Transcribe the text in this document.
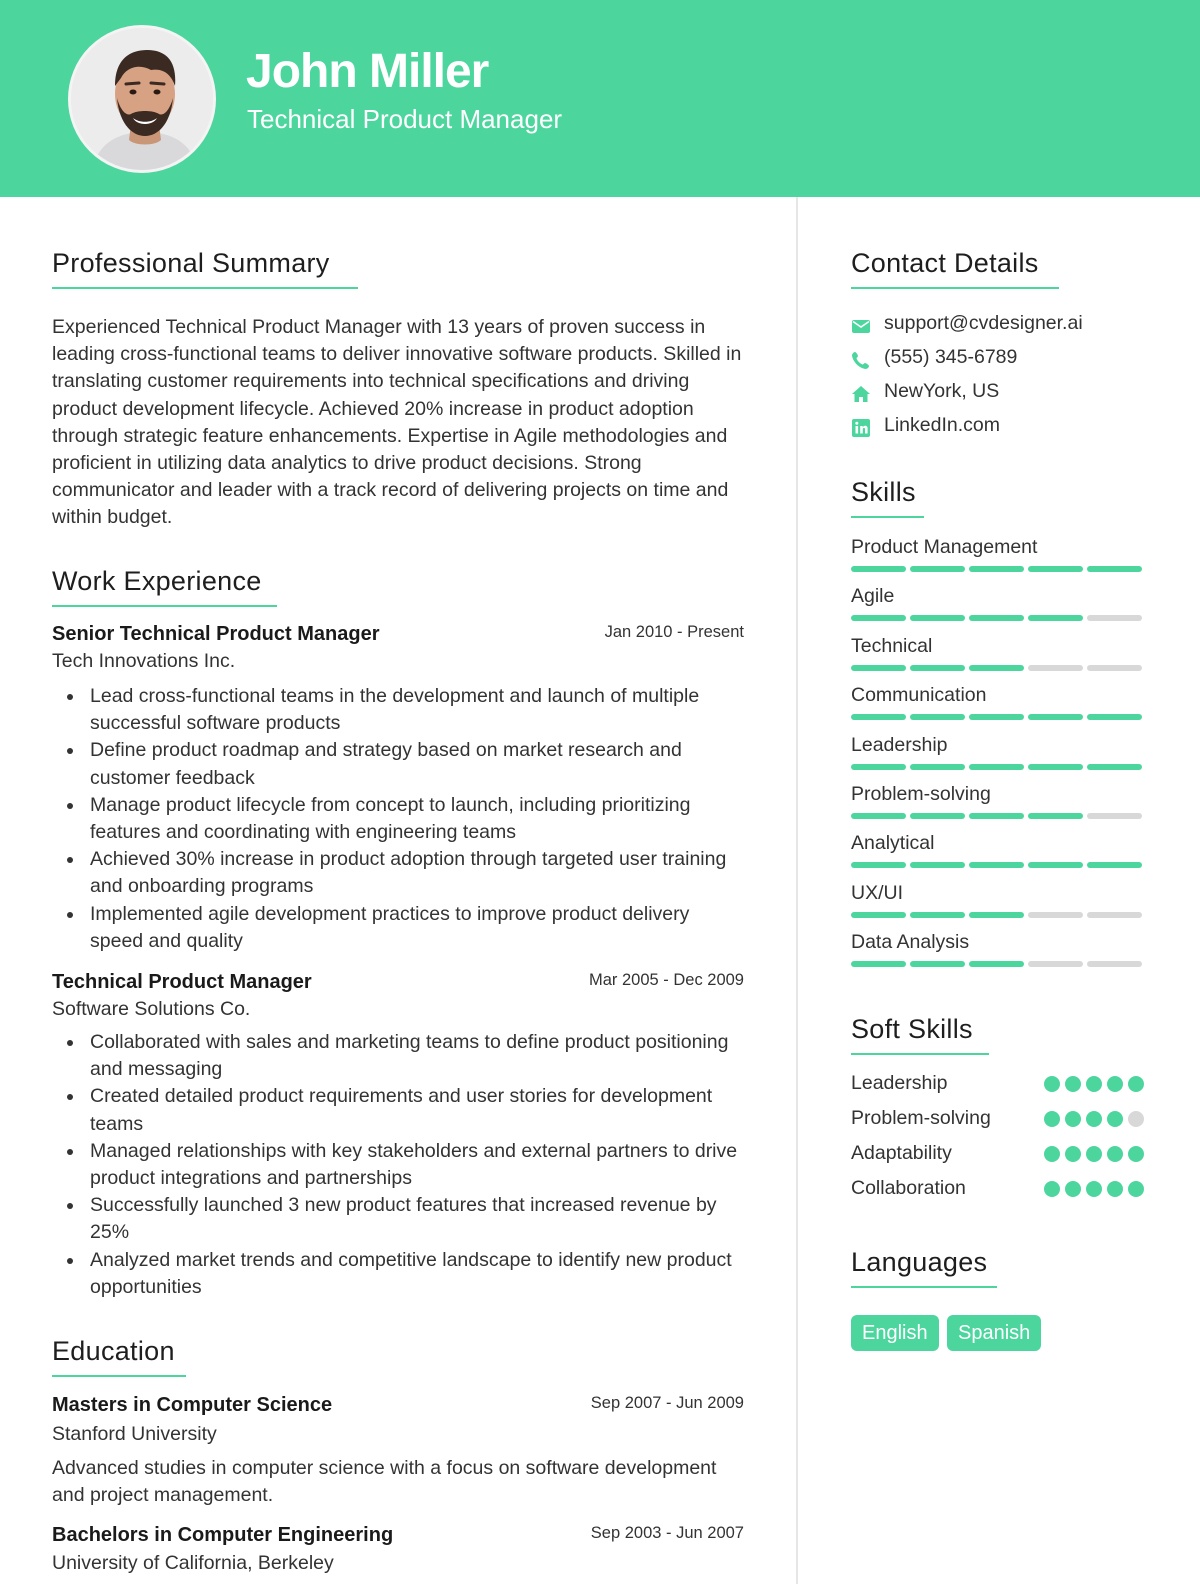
John Miller
Technical Product Manager
Professional Summary
Experienced Technical Product Manager with 13 years of proven success in leading cross-functional teams to deliver innovative software products. Skilled in translating customer requirements into technical specifications and driving product development lifecycle. Achieved 20% increase in product adoption through strategic feature enhancements. Expertise in Agile methodologies and proficient in utilizing data analytics to drive product decisions. Strong communicator and leader with a track record of delivering projects on time and within budget.
Work Experience
Senior Technical Product Manager	Jan 2010 - Present
Tech Innovations Inc.
Lead cross-functional teams in the development and launch of multiple successful software products
Define product roadmap and strategy based on market research and customer feedback
Manage product lifecycle from concept to launch, including prioritizing features and coordinating with engineering teams
Achieved 30% increase in product adoption through targeted user training and onboarding programs
Implemented agile development practices to improve product delivery speed and quality
Technical Product Manager	Mar 2005 - Dec 2009
Software Solutions Co.
Collaborated with sales and marketing teams to define product positioning and messaging
Created detailed product requirements and user stories for development teams
Managed relationships with key stakeholders and external partners to drive product integrations and partnerships
Successfully launched 3 new product features that increased revenue by 25%
Analyzed market trends and competitive landscape to identify new product opportunities
Education
Masters in Computer Science	Sep 2007 - Jun 2009
Stanford University
Advanced studies in computer science with a focus on software development and project management.
Bachelors in Computer Engineering	Sep 2003 - Jun 2007
University of California, Berkeley
Contact Details
support@cvdesigner.ai
(555) 345-6789
NewYork, US
LinkedIn.com
Skills
Product Management
Agile
Technical
Communication
Leadership
Problem-solving
Analytical
UX/UI
Data Analysis
Soft Skills
Leadership
Problem-solving
Adaptability
Collaboration
Languages
English	Spanish
